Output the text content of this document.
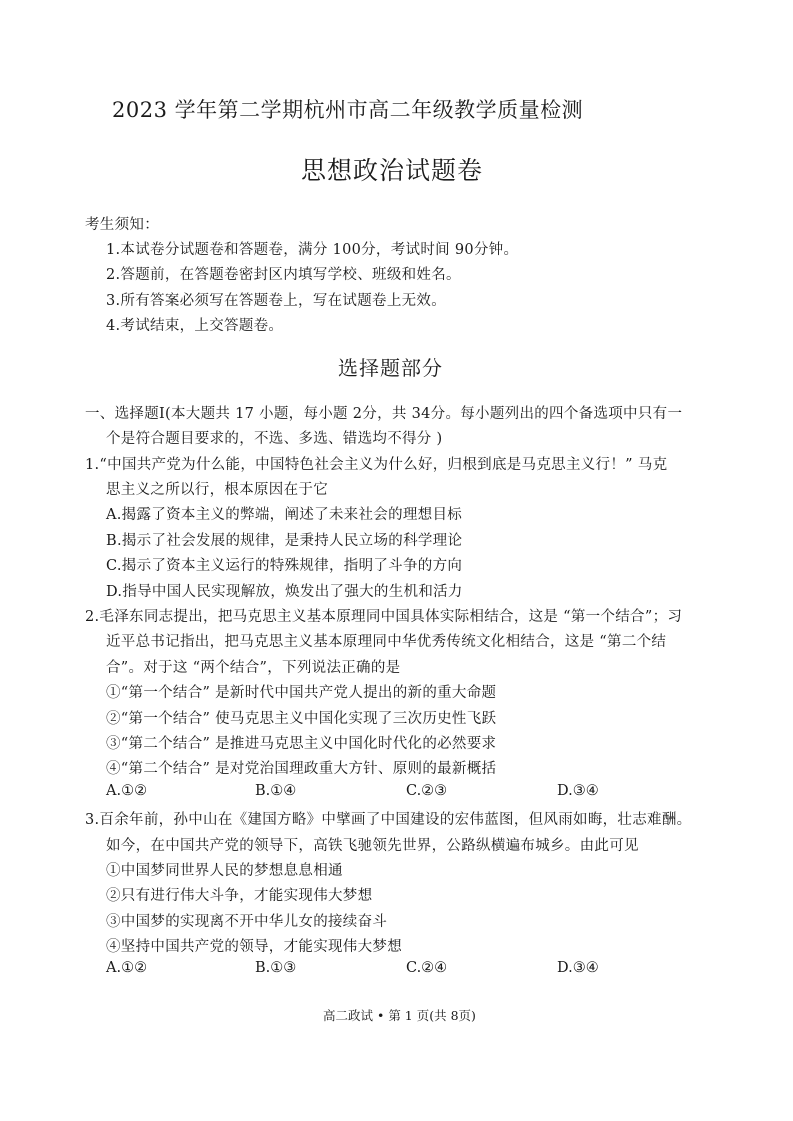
2023 学年第二学期杭州市高二年级教学质量检测
思想政治试题卷
考生须知：
1.本试卷分试题卷和答题卷，满分 100分，考试时间 90分钟。
2.答题前，在答题卷密封区内填写学校、班级和姓名。
3.所有答案必须写在答题卷上，写在试题卷上无效。
4.考试结束，上交答题卷。
选择题部分
一、选择题Ⅰ(本大题共 17 小题，每小题 2分，共 34分。每小题列出的四个备选项中只有一
个是符合题目要求的，不选、多选、错选均不得分 )
1.“中国共产党为什么能，中国特色社会主义为什么好，归根到底是马克思主义行！” 马克
思主义之所以行，根本原因在于它
A.揭露了资本主义的弊端，阐述了未来社会的理想目标
B.揭示了社会发展的规律，是秉持人民立场的科学理论
C.揭示了资本主义运行的特殊规律，指明了斗争的方向
D.指导中国人民实现解放，焕发出了强大的生机和活力
2.毛泽东同志提出，把马克思主义基本原理同中国具体实际相结合，这是 “第一个结合”；习
近平总书记指出，把马克思主义基本原理同中华优秀传统文化相结合，这是 “第二个结
合”。对于这 “两个结合”，下列说法正确的是
①“第一个结合” 是新时代中国共产党人提出的新的重大命题
②“第一个结合” 使马克思主义中国化实现了三次历史性飞跃
③“第二个结合” 是推进马克思主义中国化时代化的必然要求
④“第二个结合” 是对党治国理政重大方针、原则的最新概括
A.①②	B.①④	C.②③	D.③④
3.百余年前，孙中山在《建国方略》中擘画了中国建设的宏伟蓝图，但风雨如晦，壮志难酬。
如今，在中国共产党的领导下，高铁飞驰领先世界，公路纵横遍布城乡。由此可见
①中国梦同世界人民的梦想息息相通
②只有进行伟大斗争，才能实现伟大梦想
③中国梦的实现离不开中华儿女的接续奋斗
④坚持中国共产党的领导，才能实现伟大梦想
A.①②	B.①③	C.②④	D.③④
高二政试 • 第 1 页(共 8页)
